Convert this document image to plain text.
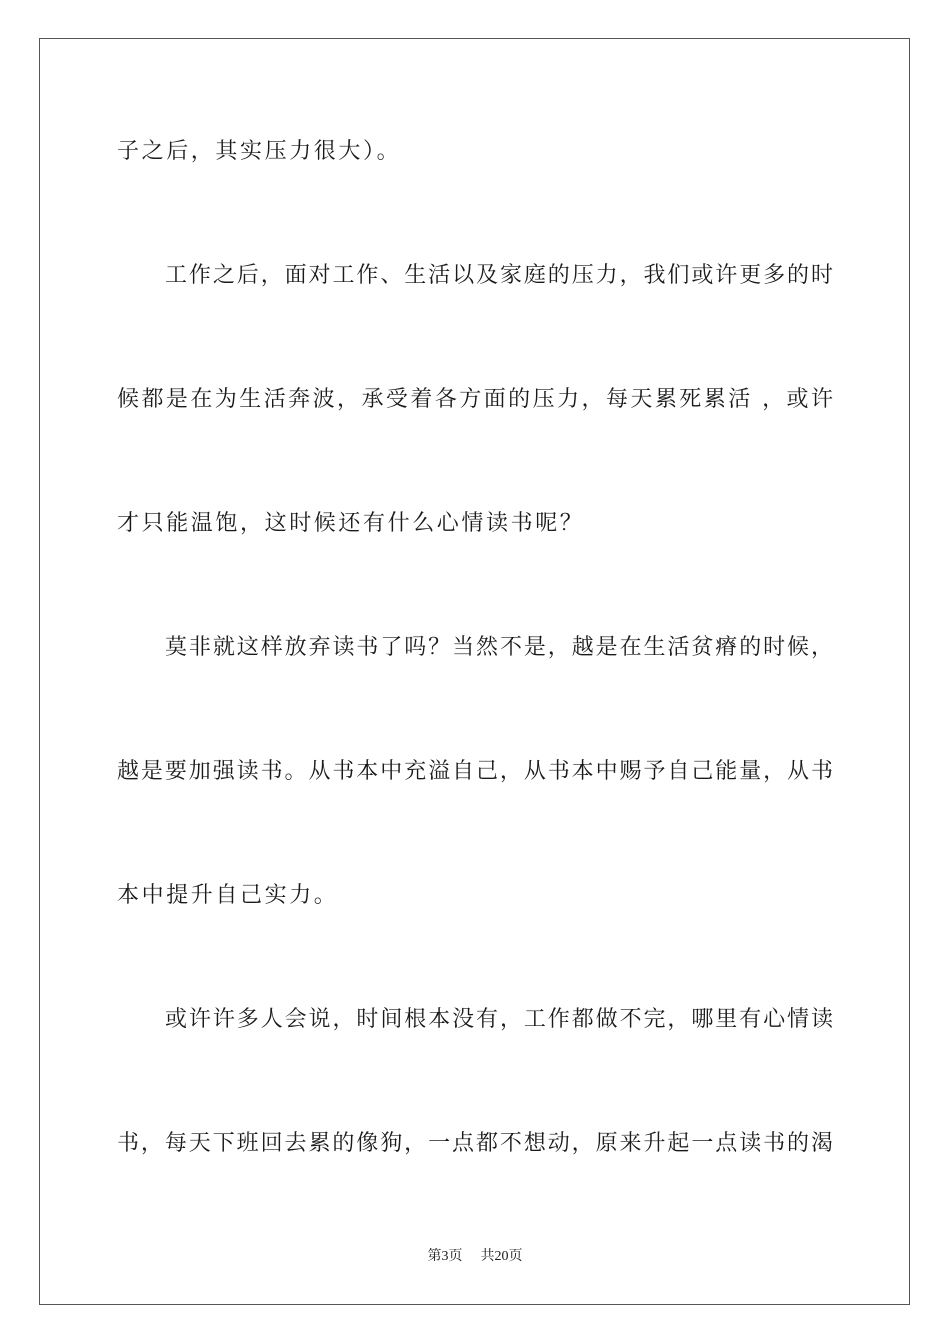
子之后，其实压力很大）。
工作之后，面对工作、生活以及家庭的压力，我们或许更多的时
候都是在为生活奔波，承受着各方面的压力，每天累死累活 ，或许
才只能温饱，这时候还有什么心情读书呢？
莫非就这样放弃读书了吗？当然不是，越是在生活贫瘠的时候，
越是要加强读书。从书本中充溢自己，从书本中赐予自己能量，从书
本中提升自己实力。
或许许多人会说，时间根本没有，工作都做不完，哪里有心情读
书，每天下班回去累的像狗，一点都不想动，原来升起一点读书的渴
第3页 共20页
